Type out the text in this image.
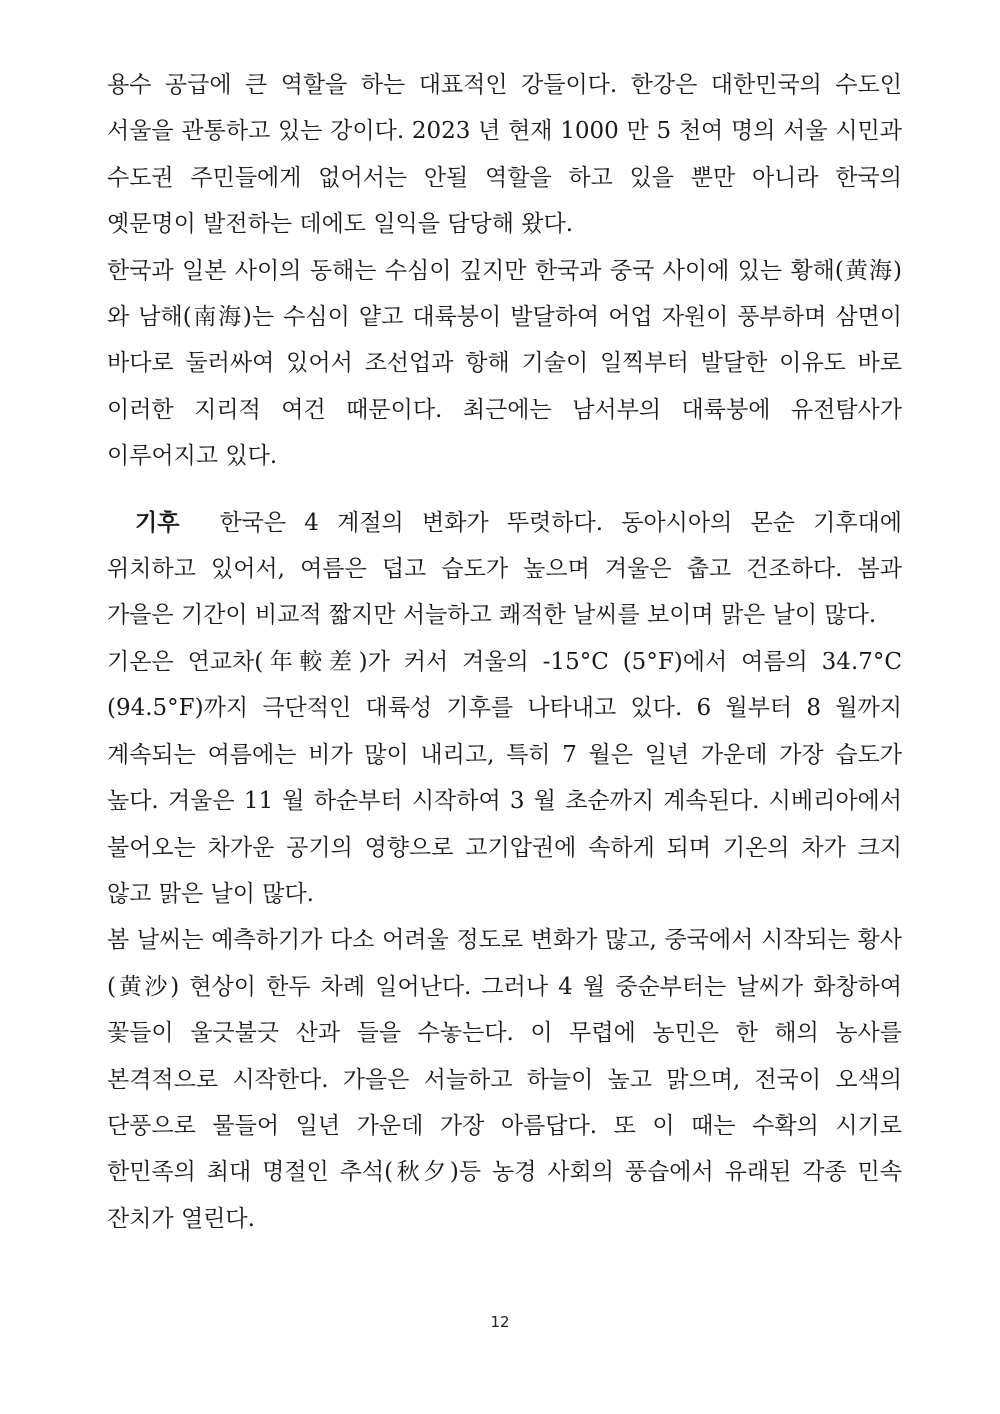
용수 공급에 큰 역할을 하는 대표적인 강들이다. 한강은 대한민국의 수도인 서울을 관통하고 있는 강이다. 2023 년 현재 1000 만 5 천여 명의 서울 시민과 수도권 주민들에게 없어서는 안될 역할을 하고 있을 뿐만 아니라 한국의 옛문명이 발전하는 데에도 일익을 담당해 왔다.

한국과 일본 사이의 동해는 수심이 깊지만 한국과 중국 사이에 있는 황해(黄海)와 남해(南海)는 수심이 얕고 대륙붕이 발달하여 어업 자원이 풍부하며 삼면이 바다로 둘러싸여 있어서 조선업과 항해 기술이 일찍부터 발달한 이유도 바로 이러한 지리적 여건 때문이다. 최근에는 남서부의 대륙붕에 유전탐사가 이루어지고 있다.

기후 한국은 4 계절의 변화가 뚜렷하다. 동아시아의 몬순 기후대에 위치하고 있어서, 여름은 덥고 습도가 높으며 겨울은 춥고 건조하다. 봄과 가을은 기간이 비교적 짧지만 서늘하고 쾌적한 날씨를 보이며 맑은 날이 많다.

기온은 연교차(年較差)가 커서 겨울의 -15°C (5°F)에서 여름의 34.7°C (94.5°F)까지 극단적인 대륙성 기후를 나타내고 있다. 6 월부터 8 월까지 계속되는 여름에는 비가 많이 내리고, 특히 7 월은 일년 가운데 가장 습도가 높다. 겨울은 11 월 하순부터 시작하여 3 월 초순까지 계속된다. 시베리아에서 불어오는 차가운 공기의 영향으로 고기압권에 속하게 되며 기온의 차가 크지 않고 맑은 날이 많다.

봄 날씨는 예측하기가 다소 어려울 정도로 변화가 많고, 중국에서 시작되는 황사(黄沙) 현상이 한두 차례 일어난다. 그러나 4 월 중순부터는 날씨가 화창하여 꽃들이 울긋불긋 산과 들을 수놓는다. 이 무렵에 농민은 한 해의 농사를 본격적으로 시작한다. 가을은 서늘하고 하늘이 높고 맑으며, 전국이 오색의 단풍으로 물들어 일년 가운데 가장 아름답다. 또 이 때는 수확의 시기로 한민족의 최대 명절인 추석(秋夕)등 농경 사회의 풍습에서 유래된 각종 민속 잔치가 열린다.

12
